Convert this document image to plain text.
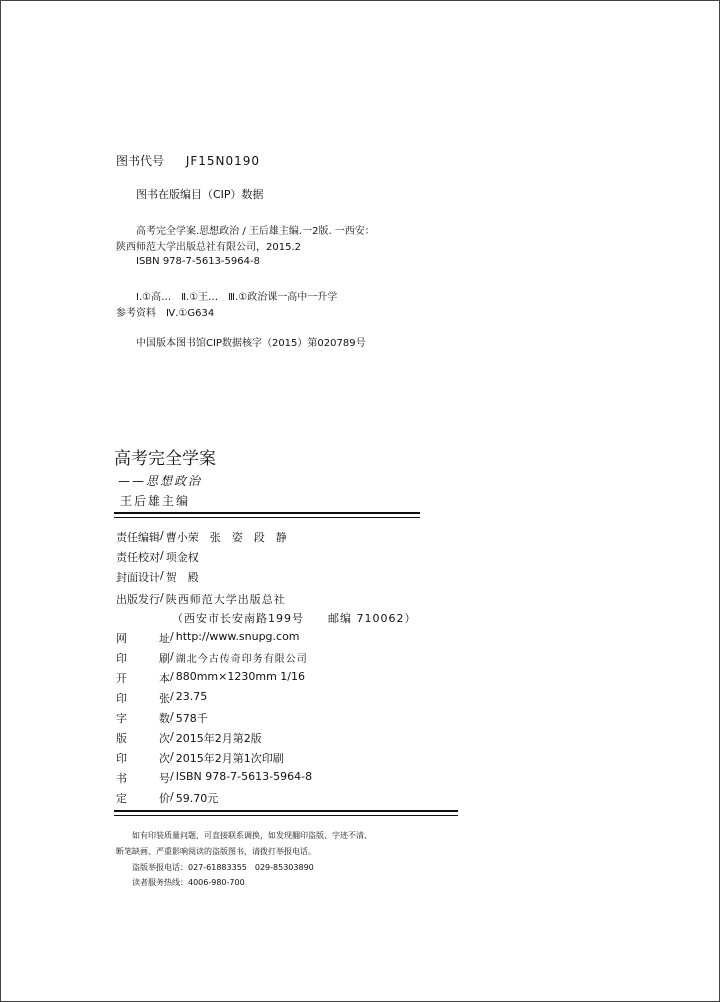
图书代号 JF15N0190
图书在版编目（CIP）数据
高考完全学案.思想政治 / 王后雄主编.一2版. 一西安：
陕西师范大学出版总社有限公司，2015.2
ISBN 978-7-5613-5964-8
Ⅰ.①高…　Ⅱ.①王…　Ⅲ.①政治课一高中一升学
参考资料　Ⅳ.①G634
中国版本图书馆CIP数据核字（2015）第020789号
高考完全学案
——思想政治
王后雄主编
责任编辑 / 曹小荣　张　姿　段　静
责任校对 / 项金权
封面设计 / 贺　殿
出版发行 / 陕西师范大学出版总社
（西安市长安南路199号　　邮编 710062）
网	址 / http://www.snupg.com
印	刷 / 湖北今古传奇印务有限公司
开	本 / 880mm×1230mm 1/16
印	张 / 23.75
字	数 / 578千
版	次 / 2015年2月第2版
印	次 / 2015年2月第1次印刷
书	号 / ISBN 978-7-5613-5964-8
定	价 / 59.70元
如有印装质量问题，可直接联系调换，如发现翻印盗版、字迹不清、
断笔缺画、严重影响阅读的盗版图书，请拨打举报电话。
盗版举报电话：027-61883355　029-85303890
读者服务热线：4006-980-700
